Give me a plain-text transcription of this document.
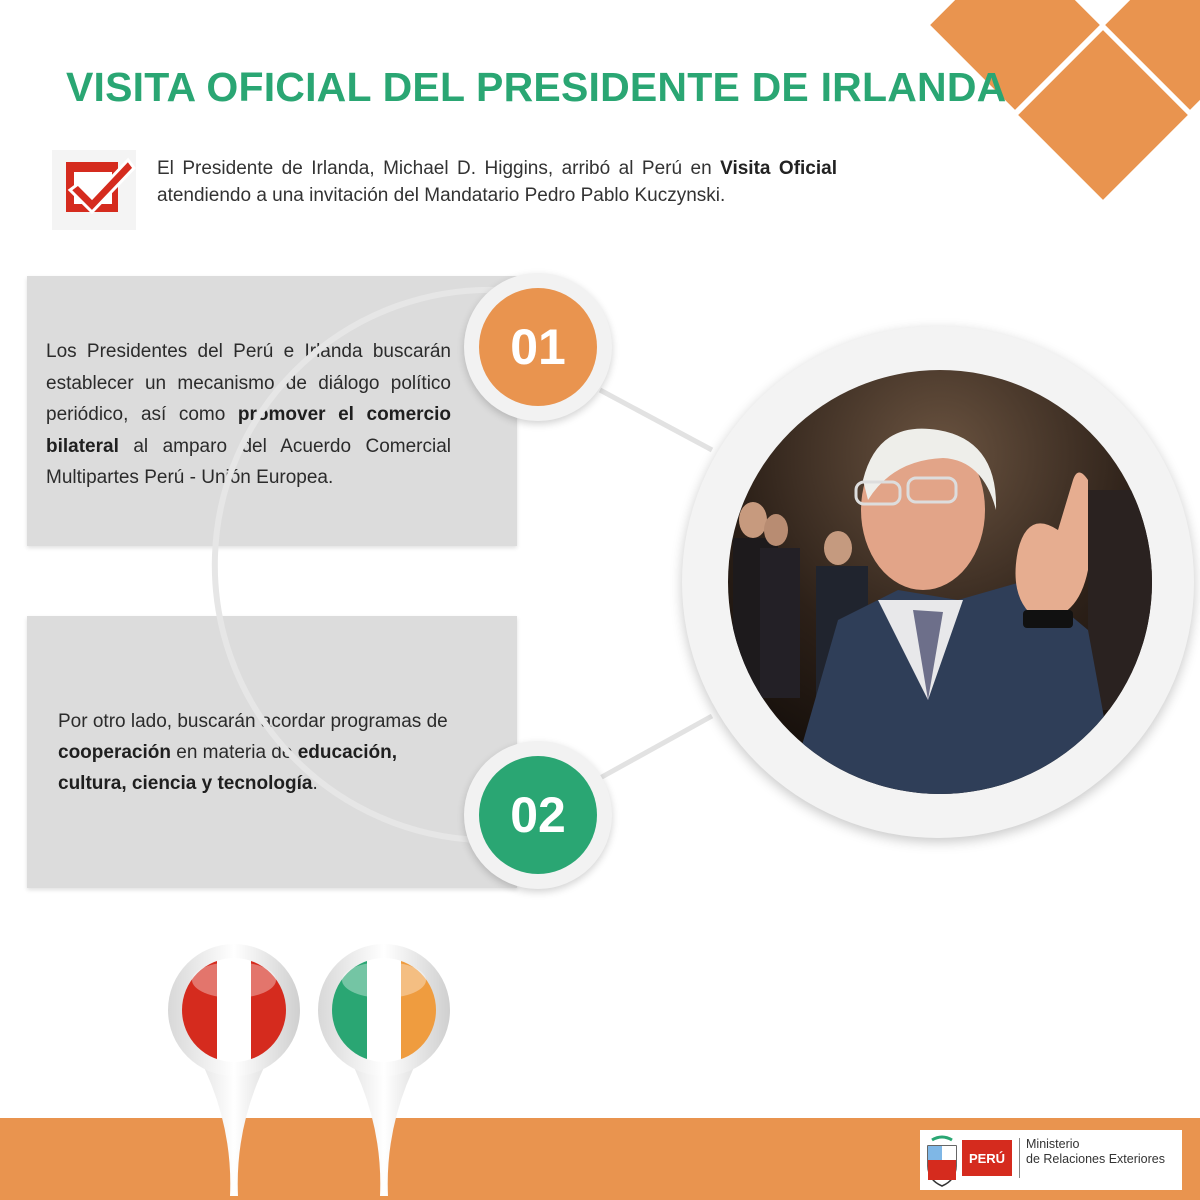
VISITA OFICIAL DEL PRESIDENTE DE IRLANDA
El Presidente de Irlanda, Michael D. Higgins, arribó al Perú en Visita Oficial
atendiendo a una invitación del Mandatario Pedro Pablo Kuczynski.
Los Presidentes del Perú e Irlanda buscarán establecer un mecanismo de diálogo político periódico, así como promover el comercio bilateral al amparo del Acuerdo Comercial Multipartes Perú - Unión Europea.
Por otro lado, buscarán acordar programas de cooperación en materia de educación, cultura, ciencia y tecnología.
01
02
PERÚ
Ministerio
de Relaciones Exteriores
